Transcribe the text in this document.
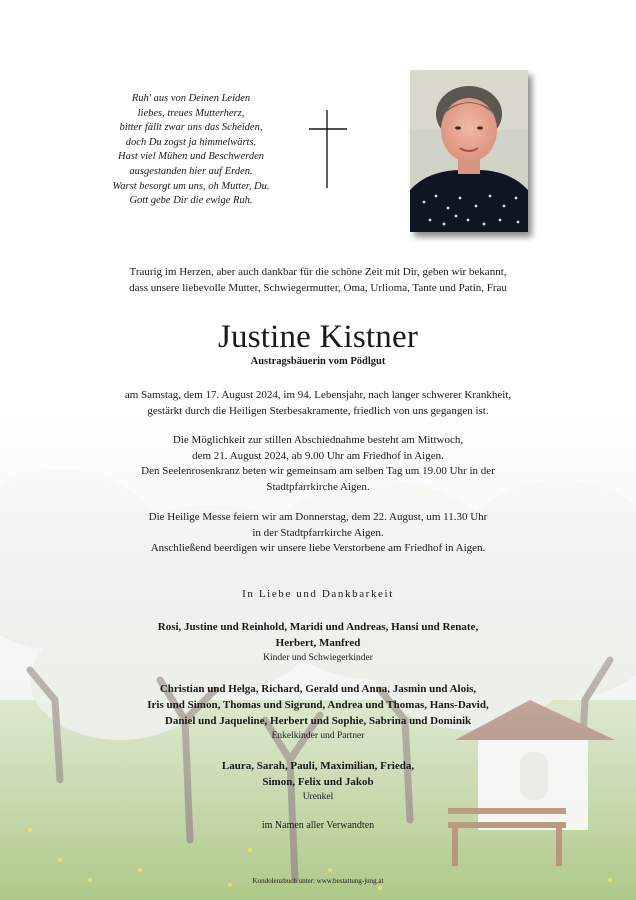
Ruh' aus von Deinen Leiden
liebes, treues Mutterherz,
bitter fällt zwar uns das Scheiden,
doch Du zogst ja himmelwärts.
Hast viel Mühen und Beschwerden
ausgestanden hier auf Erden.
Warst besorgt um uns, oh Mutter, Du.
Gott gebe Dir die ewige Ruh.
Traurig im Herzen, aber auch dankbar für die schöne Zeit mit Dir, geben wir bekannt,
dass unsere liebevolle Mutter, Schwiegermutter, Oma, Urlioma, Tante und Patin, Frau
Justine Kistner
Austragsbäuerin vom Pödlgut
am Samstag, dem 17. August 2024, im 94. Lebensjahr, nach langer schwerer Krankheit,
gestärkt durch die Heiligen Sterbesakramente, friedlich von uns gegangen ist.
Die Möglichkeit zur stillen Abschiednahme besteht am Mittwoch,
dem 21. August 2024, ab 9.00 Uhr am Friedhof in Aigen.
Den Seelenrosenkranz beten wir gemeinsam am selben Tag um 19.00 Uhr in der
Stadtpfarrkirche Aigen.
Die Heilige Messe feiern wir am Donnerstag, dem 22. August, um 11.30 Uhr
in der Stadtpfarrkirche Aigen.
Anschließend beerdigen wir unsere liebe Verstorbene am Friedhof in Aigen.
In Liebe und Dankbarkeit
Rosi, Justine und Reinhold, Maridi und Andreas, Hansi und Renate,
Herbert, Manfred
Kinder und Schwiegerkinder
Christian und Helga, Richard, Gerald und Anna, Jasmin und Alois,
Iris und Simon, Thomas und Sigrund, Andrea und Thomas, Hans-David,
Daniel und Jaqueline, Herbert und Sophie, Sabrina und Dominik
Enkelkinder und Partner
Laura, Sarah, Pauli, Maximilian, Frieda,
Simon, Felix und Jakob
Urenkel
im Namen aller Verwandten
Kondolenzbuch unter: www.bestattung-jung.at
